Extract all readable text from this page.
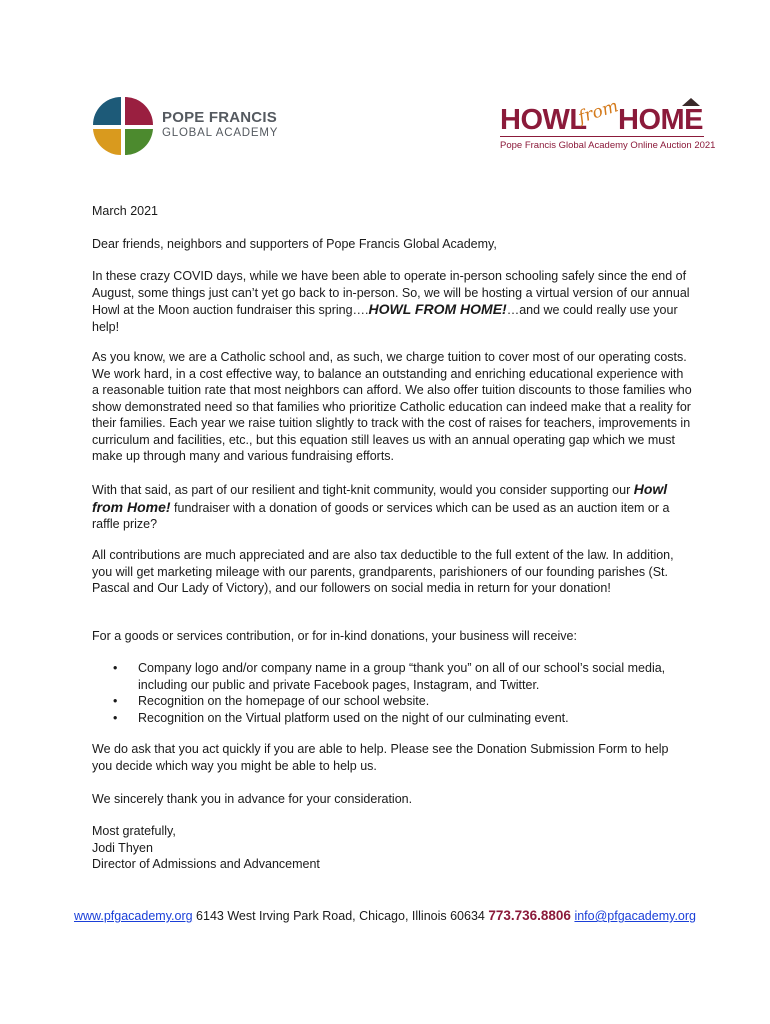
POPE FRANCIS
GLOBAL ACADEMY	HOWL
from
HOME
Pope Francis Global Academy Online Auction 2021
March 2021
Dear friends, neighbors and supporters of Pope Francis Global Academy,
In these crazy COVID days, while we have been able to operate in-person schooling safely since the end of August, some things just can’t yet go back to in-person. So, we will be hosting a virtual version of our annual Howl at the Moon auction fundraiser this spring….HOWL FROM HOME!…and we could really use your help!
As you know, we are a Catholic school and, as such, we charge tuition to cover most of our operating costs. We work hard, in a cost effective way, to balance an outstanding and enriching educational experience with a reasonable tuition rate that most neighbors can afford. We also offer tuition discounts to those families who show demonstrated need so that families who prioritize Catholic education can indeed make that a reality for their families. Each year we raise tuition slightly to track with the cost of raises for teachers, improvements in curriculum and facilities, etc., but this equation still leaves us with an annual operating gap which we must make up through many and various fundraising efforts.
With that said, as part of our resilient and tight-knit community, would you consider supporting our Howl from Home! fundraiser with a donation of goods or services which can be used as an auction item or a raffle prize?
All contributions are much appreciated and are also tax deductible to the full extent of the law. In addition, you will get marketing mileage with our parents, grandparents, parishioners of our founding parishes (St. Pascal and Our Lady of Victory), and our followers on social media in return for your donation!
For a goods or services contribution, or for in-kind donations, your business will receive:
• Company logo and/or company name in a group “thank you” on all of our school’s social media, including our public and private Facebook pages, Instagram, and Twitter.
• Recognition on the homepage of our school website.
• Recognition on the Virtual platform used on the night of our culminating event.
We do ask that you act quickly if you are able to help. Please see the Donation Submission Form to help you decide which way you might be able to help us.
We sincerely thank you in advance for your consideration.
Most gratefully,
Jodi Thyen
Director of Admissions and Advancement
www.pfgacademy.org 6143 West Irving Park Road, Chicago, Illinois 60634 773.736.8806 info@pfgacademy.org
